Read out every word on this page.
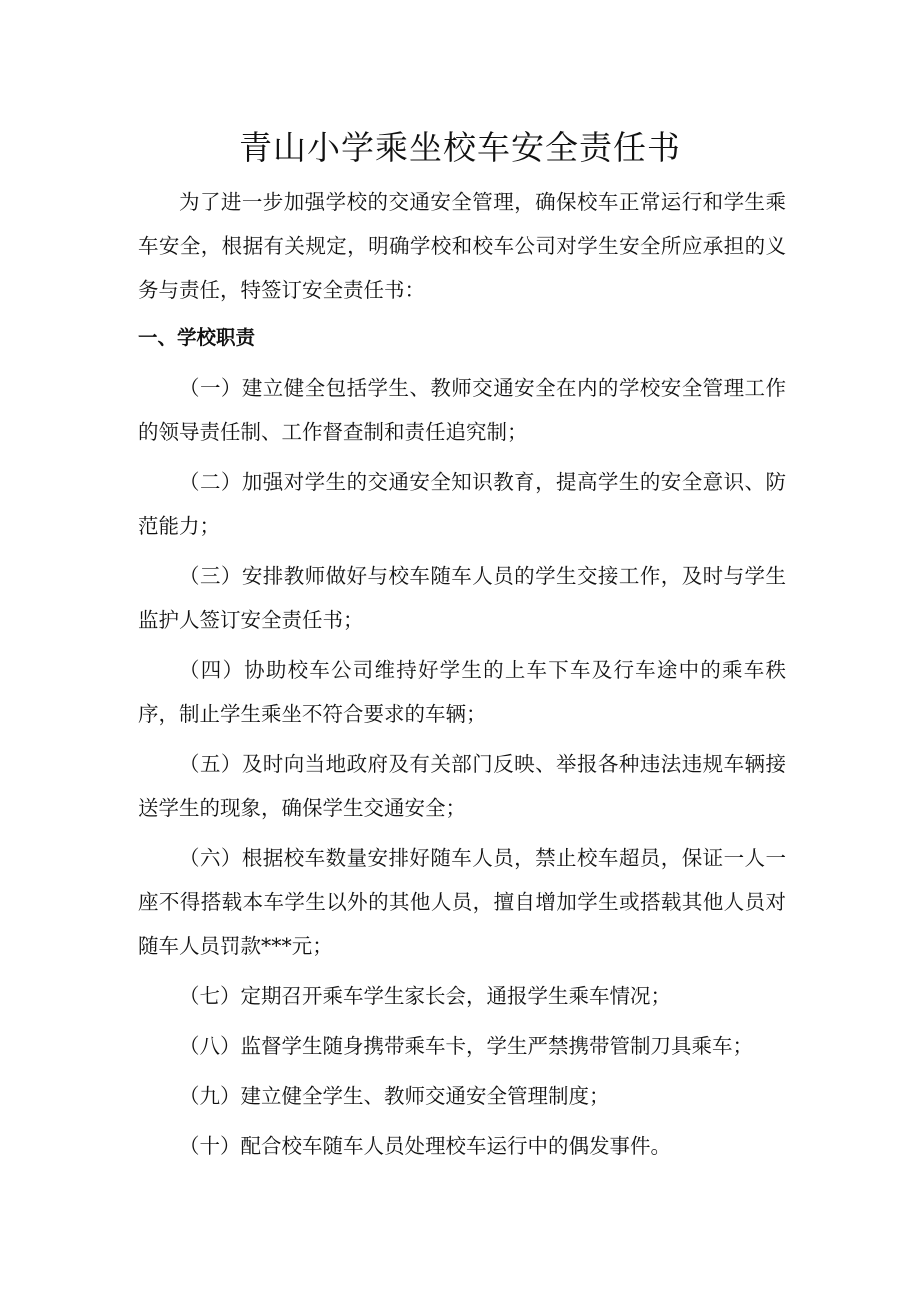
青山小学乘坐校车安全责任书

为了进一步加强学校的交通安全管理，确保校车正常运行和学生乘车安全，根据有关规定，明确学校和校车公司对学生安全所应承担的义务与责任，特签订安全责任书：

一、学校职责

（一）建立健全包括学生、教师交通安全在内的学校安全管理工作的领导责任制、工作督查制和责任追究制；

（二）加强对学生的交通安全知识教育，提高学生的安全意识、防范能力；

（三）安排教师做好与校车随车人员的学生交接工作，及时与学生监护人签订安全责任书；

（四）协助校车公司维持好学生的上车下车及行车途中的乘车秩序，制止学生乘坐不符合要求的车辆；

（五）及时向当地政府及有关部门反映、举报各种违法违规车辆接送学生的现象，确保学生交通安全；

（六）根据校车数量安排好随车人员，禁止校车超员，保证一人一座不得搭载本车学生以外的其他人员，擅自增加学生或搭载其他人员对随车人员罚款***元；

（七）定期召开乘车学生家长会，通报学生乘车情况；

（八）监督学生随身携带乘车卡，学生严禁携带管制刀具乘车；

（九）建立健全学生、教师交通安全管理制度；

（十）配合校车随车人员处理校车运行中的偶发事件。
